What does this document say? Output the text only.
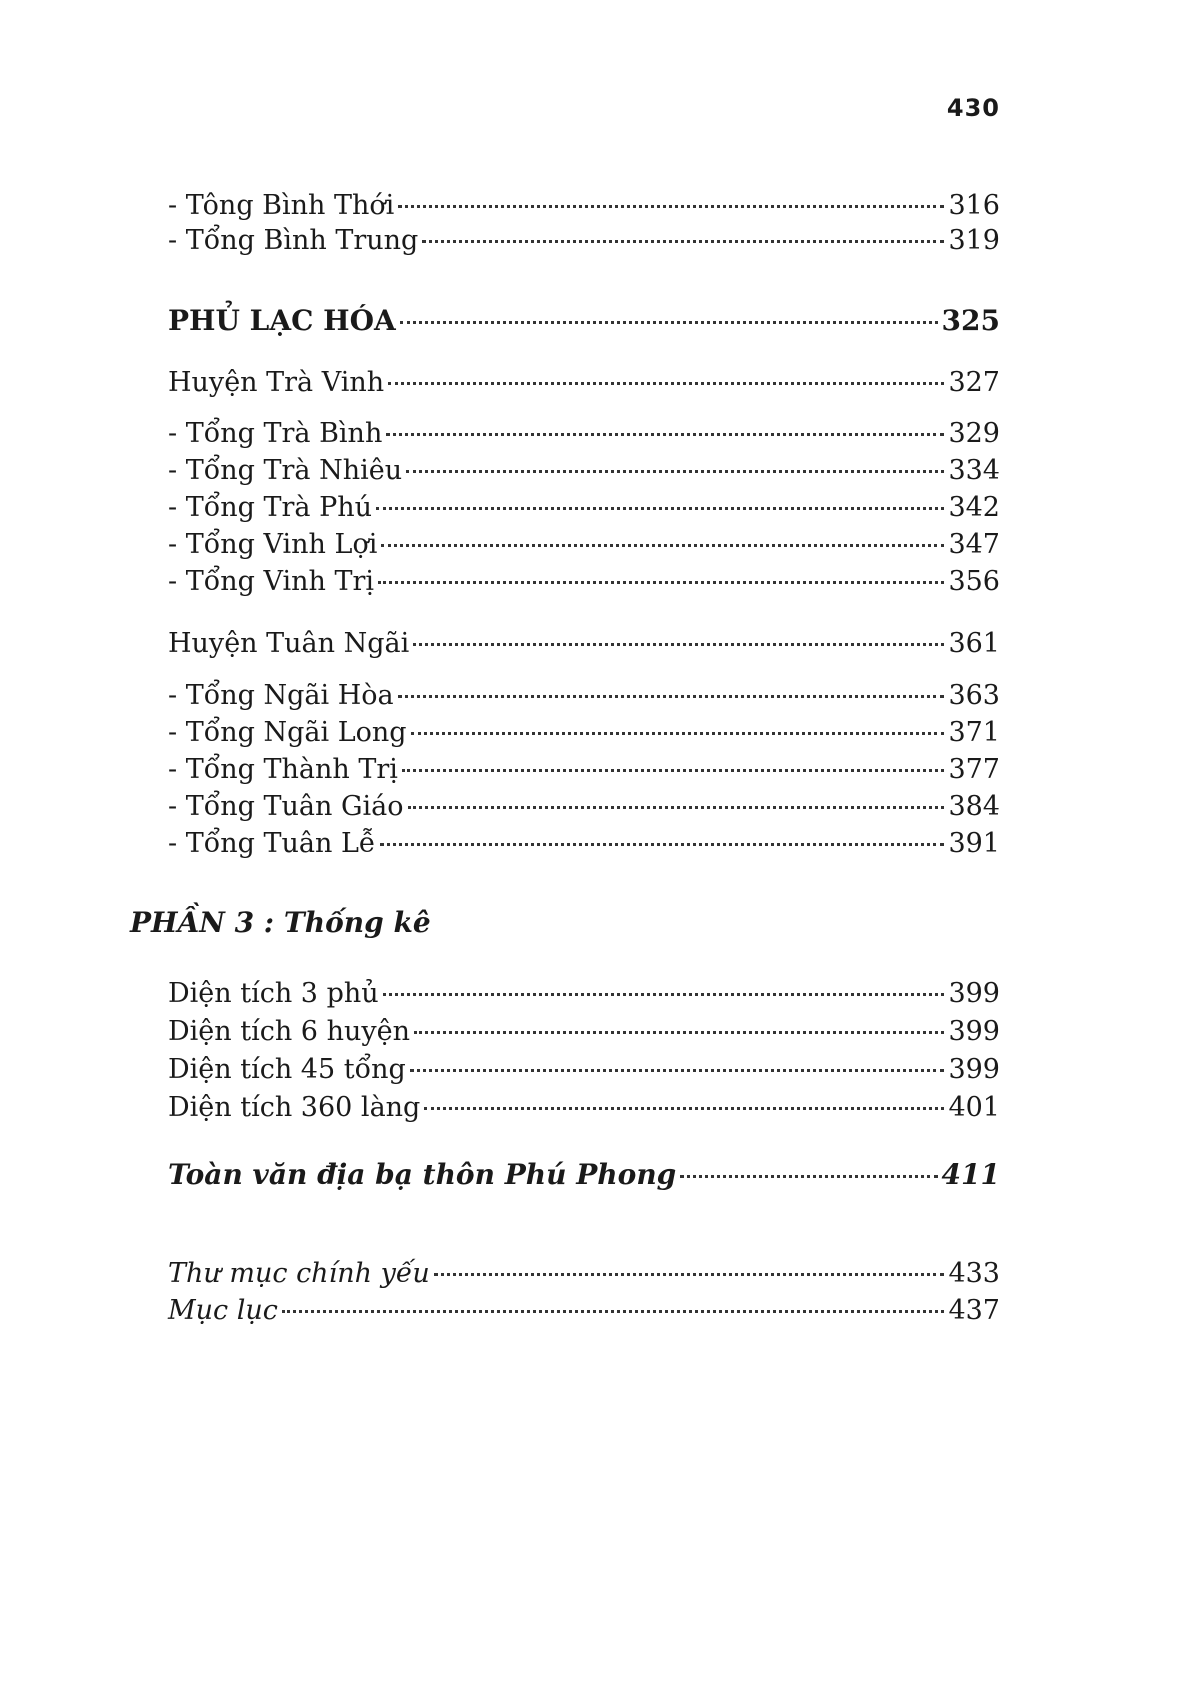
430
- Tông Bình Thới	316
- Tổng Bình Trung	319
PHỦ LẠC HÓA	325
Huyện Trà Vinh	327
- Tổng Trà Bình	329
- Tổng Trà Nhiêu	334
- Tổng Trà Phú	342
- Tổng Vinh Lợi	347
- Tổng Vinh Trị	356
Huyện Tuân Ngãi	361
- Tổng Ngãi Hòa	363
- Tổng Ngãi Long	371
- Tổng Thành Trị	377
- Tổng Tuân Giáo	384
- Tổng Tuân Lễ	391
PHẦN 3 : Thống kê
Diện tích 3 phủ	399
Diện tích 6 huyện	399
Diện tích 45 tổng	399
Diện tích 360 làng	401
Toàn văn địa bạ thôn Phú Phong	411
Thư mục chính yếu	433
Mục lục	437
